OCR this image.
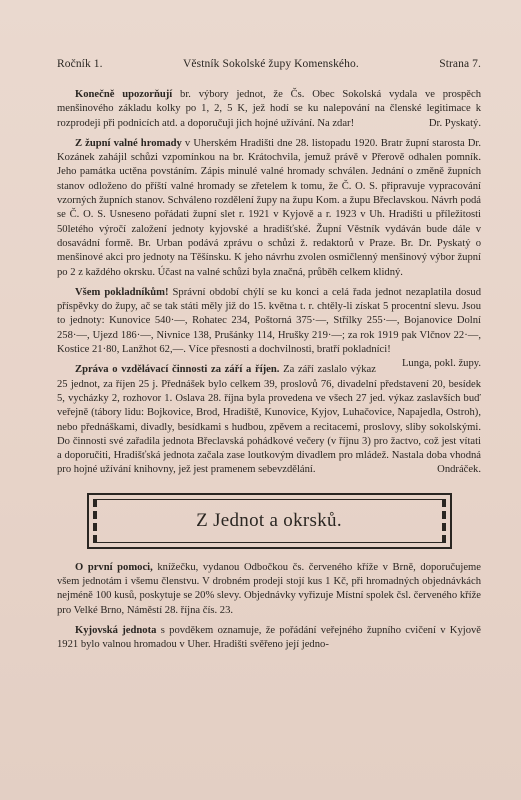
Ročník 1.	Věstník Sokolské župy Komenského.	Strana 7.

Konečně upozorňují br. výbory jednot, že Čs. Obec Sokolská vydala ve prospěch menšinového základu kolky po 1, 2, 5 K, jež hodí se ku nalepování na členské legitimace k rozprodeji při podnicích atd. a doporučuji jich hojné užívání. Na zdar!	Dr. Pyskatý.

Z župní valné hromady v Uherském Hradišti dne 28. listopadu 1920. Bratr župní starosta Dr. Kozánek zahájil schůzi vzpomínkou na br. Krátochvila, jemuž právě v Přerově odhalen pomník. Jeho památka uctěna povstáním. Zápis minulé valné hromady schválen. Jednání o změně župních stanov odloženo do příští valné hromady se zřetelem k tomu, že Č. O. S. připravuje vypracování vzorných župních stanov. Schváleno rozdělení župy na župu Kom. a župu Břeclavskou. Návrh podá se Č. O. S. Usneseno pořádati župní slet r. 1921 v Kyjově a r. 1923 v Uh. Hradišti u příležitosti 50letého výročí založení jednoty kyjovské a hradišťské. Župní Věstník vydáván bude dále v dosavádní formě. Br. Urban podává zprávu o schůzi ž. redaktorů v Praze. Br. Dr. Pyskatý o menšinové akci pro jednoty na Těšínsku. K jeho návrhu zvolen osmičlenný menšinový výbor župní po 2 z každého okrsku. Účast na valné schůzi byla značná, průběh celkem klidný.

Všem pokladníkům! Správní období chýlí se ku konci a celá řada jednot nezaplatila dosud příspěvky do župy, ač se tak státi měly již do 15. května t. r. chtěly-li získat 5 procentní slevu. Jsou to jednoty: Kunovice 540·—, Rohatec 234, Poštorná 375·—, Střílky 255·—, Bojanovice Dolní 258·—, Ujezd 186·—, Nivnice 138, Prušánky 114, Hrušky 219·—; za rok 1919 pak Vlčnov 22·—, Kostice 21·80, Lanžhot 62,—. Více přesnosti a dochvilnosti, bratří pokladníci!
Lunga, pokl. župy.

Zpráva o vzdělávací činnosti za září a říjen. Za září zaslalo výkaz 25 jednot, za říjen 25 j. Přednášek bylo celkem 39, proslovů 76, divadelní představení 20, besídek 5, vycházky 2, rozhovor 1. Oslava 28. října byla provedena ve všech 27 jed. výkaz zaslavších buď veřejně (tábory lidu: Bojkovice, Brod, Hradiště, Kunovice, Kyjov, Luhačovice, Napajedla, Ostroh), nebo přednáškami, divadly, besídkami s hudbou, zpěvem a recitacemi, proslovy, sliby sokolskými. Do činnosti své zařadila jednota Břeclavská pohádkové večery (v říjnu 3) pro žactvo, což jest vítati a doporučiti, Hradišťská jednota začala zase loutkovým divadlem pro mládež. Nastala doba vhodná pro hojné užívání knihovny, jež jest pramenem sebevzdělání.	Ondráček.

Z Jednot a okrsků.

O první pomoci, knížečku, vydanou Odbočkou čs. červeného kříže v Brně, doporučujeme všem jednotám i všemu členstvu. V drobném prodeji stojí kus 1 Kč, při hromadných objednávkách nejméně 100 kusů, poskytuje se 20% slevy. Objednávky vyřizuje Místní spolek čsl. červeného kříže pro Velké Brno, Náměstí 28. října čís. 23.

Kyjovská jednota s povděkem oznamuje, že pořádání veřejného župního cvičení v Kyjově 1921 bylo valnou hromadou v Uher. Hradišti svěřeno její jedno-
